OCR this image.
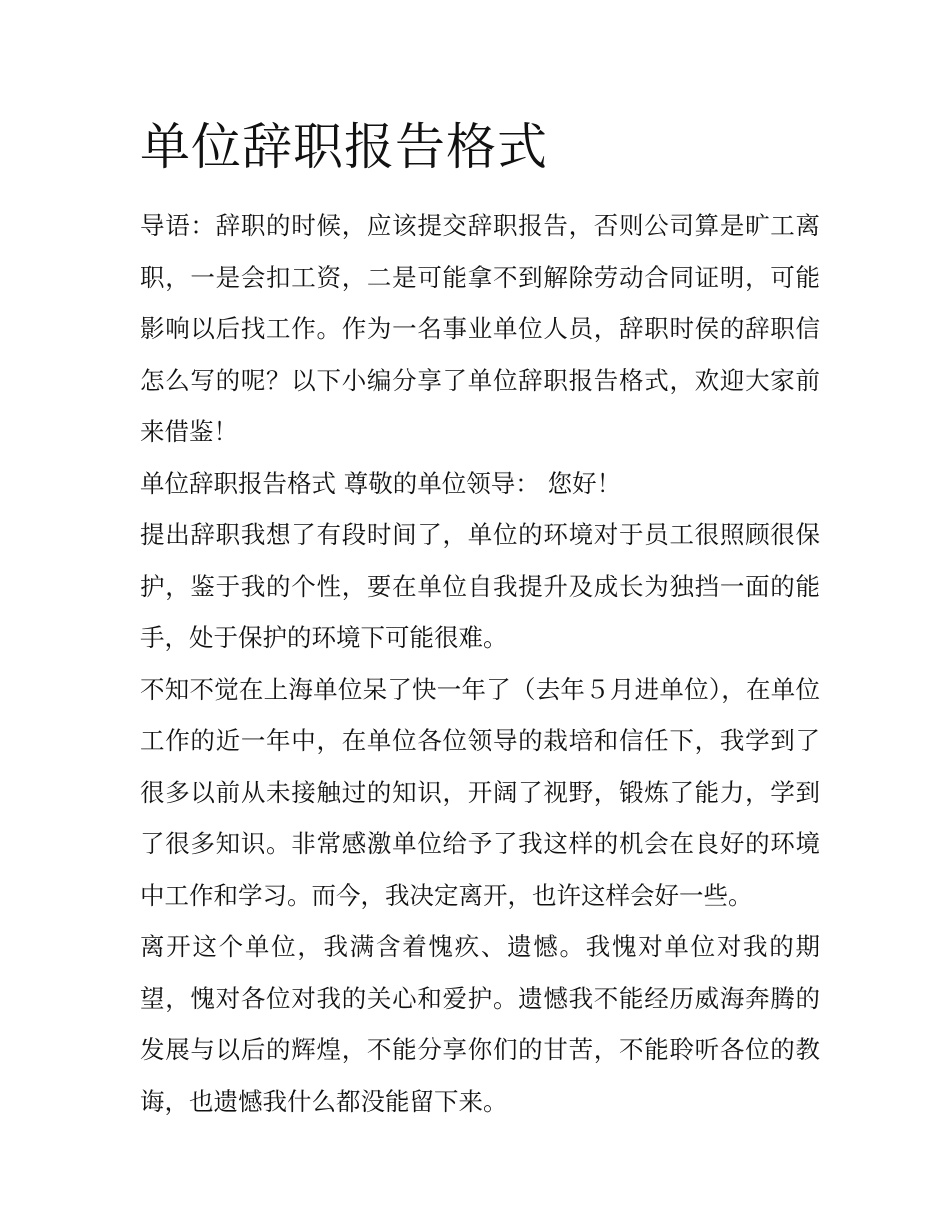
单位辞职报告格式

导语：辞职的时候，应该提交辞职报告，否则公司算是旷工离职，一是会扣工资，二是可能拿不到解除劳动合同证明，可能影响以后找工作。作为一名事业单位人员，辞职时侯的辞职信怎么写的呢？以下小编分享了单位辞职报告格式，欢迎大家前来借鉴！

单位辞职报告格式 尊敬的单位领导： 您好！

提出辞职我想了有段时间了，单位的环境对于员工很照顾很保护，鉴于我的个性，要在单位自我提升及成长为独挡一面的能手，处于保护的环境下可能很难。

不知不觉在上海单位呆了快一年了（去年５月进单位），在单位工作的近一年中，在单位各位领导的栽培和信任下，我学到了很多以前从未接触过的知识，开阔了视野，锻炼了能力，学到了很多知识。非常感激单位给予了我这样的机会在良好的环境中工作和学习。而今，我决定离开，也许这样会好一些。

离开这个单位，我满含着愧疚、遗憾。我愧对单位对我的期望，愧对各位对我的关心和爱护。遗憾我不能经历威海奔腾的发展与以后的辉煌，不能分享你们的甘苦，不能聆听各位的教诲，也遗憾我什么都没能留下来。
